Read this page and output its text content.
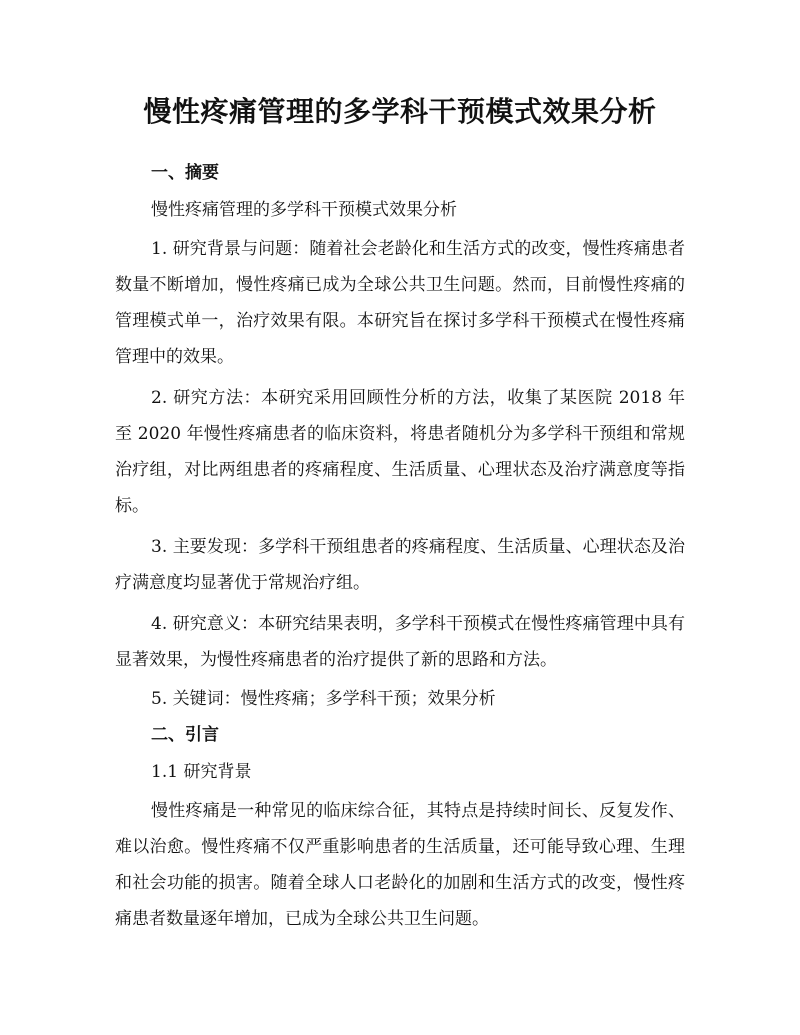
慢性疼痛管理的多学科干预模式效果分析
一、摘要

慢性疼痛管理的多学科干预模式效果分析

1. 研究背景与问题：随着社会老龄化和生活方式的改变，慢性疼痛患者数量不断增加，慢性疼痛已成为全球公共卫生问题。然而，目前慢性疼痛的管理模式单一，治疗效果有限。本研究旨在探讨多学科干预模式在慢性疼痛管理中的效果。

2. 研究方法：本研究采用回顾性分析的方法，收集了某医院 2018 年至 2020 年慢性疼痛患者的临床资料，将患者随机分为多学科干预组和常规治疗组，对比两组患者的疼痛程度、生活质量、心理状态及治疗满意度等指标。

3. 主要发现：多学科干预组患者的疼痛程度、生活质量、心理状态及治疗满意度均显著优于常规治疗组。

4. 研究意义：本研究结果表明，多学科干预模式在慢性疼痛管理中具有显著效果，为慢性疼痛患者的治疗提供了新的思路和方法。

5. 关键词：慢性疼痛；多学科干预；效果分析

二、引言

1.1 研究背景

慢性疼痛是一种常见的临床综合征，其特点是持续时间长、反复发作、难以治愈。慢性疼痛不仅严重影响患者的生活质量，还可能导致心理、生理和社会功能的损害。随着全球人口老龄化的加剧和生活方式的改变，慢性疼痛患者数量逐年增加，已成为全球公共卫生问题。
